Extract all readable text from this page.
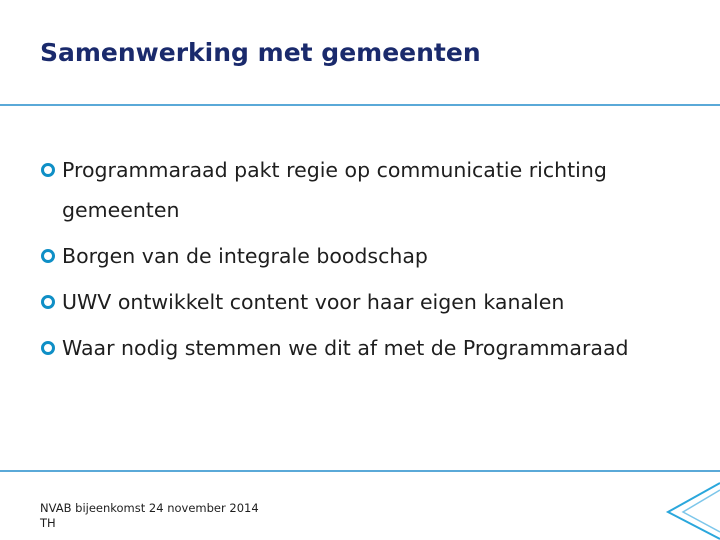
Samenwerking met gemeenten
Programmaraad pakt regie op communicatie richting gemeenten
Borgen van de integrale boodschap
UWV ontwikkelt content voor haar eigen kanalen
Waar nodig stemmen we dit af met de Programmaraad
NVAB bijeenkomst 24 november 2014
TH
